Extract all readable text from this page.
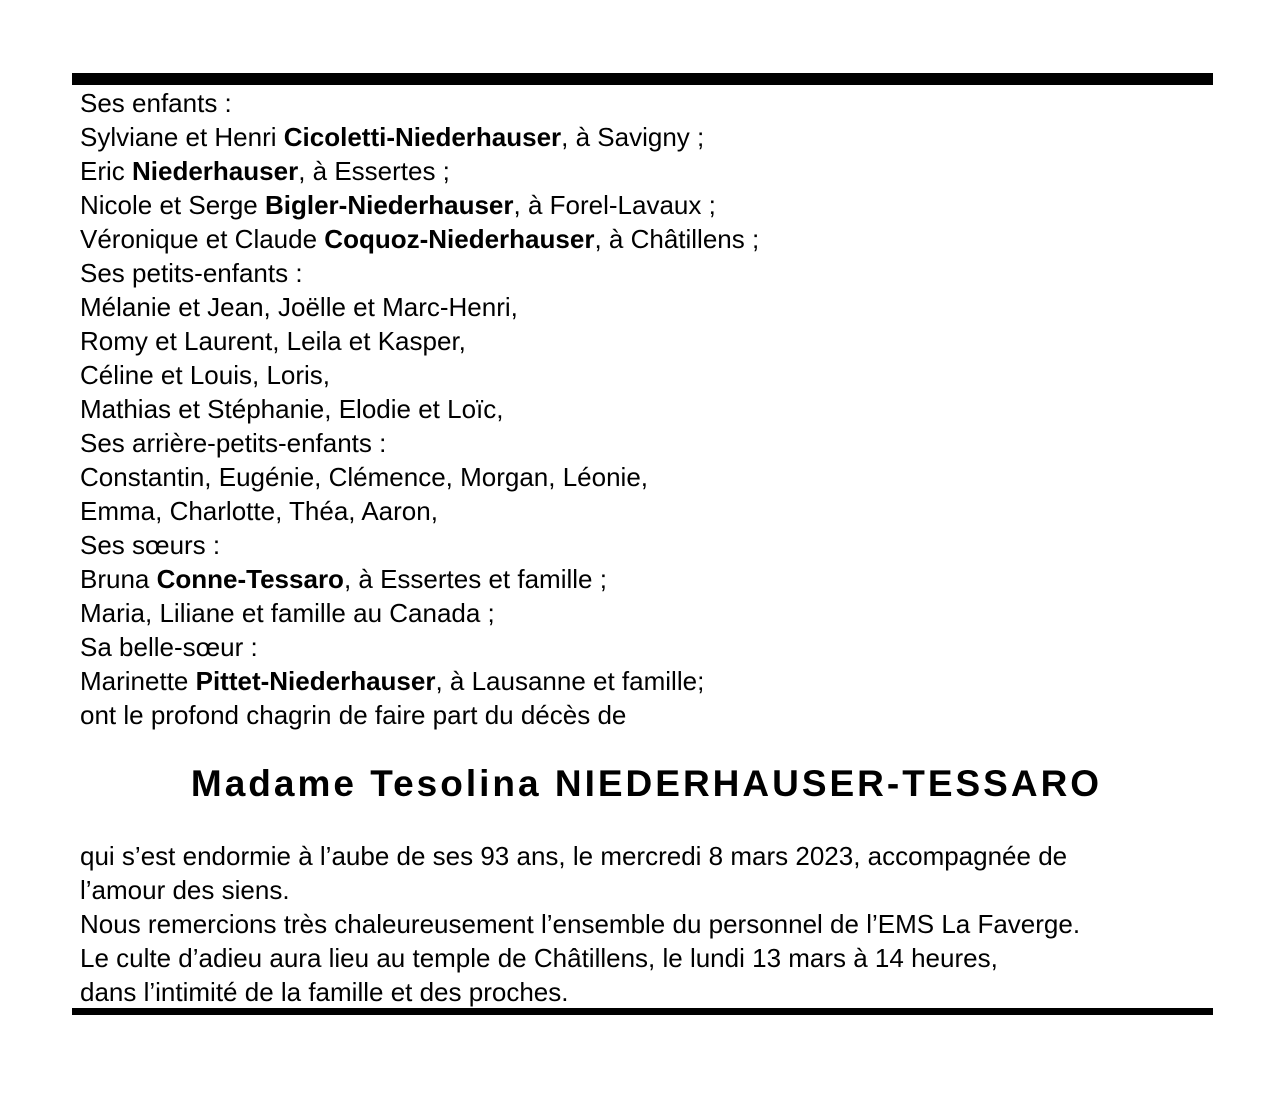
Ses enfants :
Sylviane et Henri Cicoletti-Niederhauser, à Savigny ;
Eric Niederhauser, à Essertes ;
Nicole et Serge Bigler-Niederhauser, à Forel-Lavaux ;
Véronique et Claude Coquoz-Niederhauser, à Châtillens ;
Ses petits-enfants :
Mélanie et Jean, Joëlle et Marc-Henri,
Romy et Laurent, Leila et Kasper,
Céline et Louis, Loris,
Mathias et Stéphanie, Elodie et Loïc,
Ses arrière-petits-enfants :
Constantin, Eugénie, Clémence, Morgan, Léonie,
Emma, Charlotte, Théa, Aaron,
Ses sœurs :
Bruna Conne-Tessaro, à Essertes et famille ;
Maria, Liliane et famille au Canada ;
Sa belle-sœur :
Marinette Pittet-Niederhauser, à Lausanne et famille;
ont le profond chagrin de faire part du décès de
Madame Tesolina NIEDERHAUSER-TESSARO
qui s’est endormie à l’aube de ses 93 ans, le mercredi 8 mars 2023, accompagnée de
l’amour des siens.
Nous remercions très chaleureusement l’ensemble du personnel de l’EMS La Faverge.
Le culte d’adieu aura lieu au temple de Châtillens, le lundi 13 mars à 14 heures,
dans l’intimité de la famille et des proches.
